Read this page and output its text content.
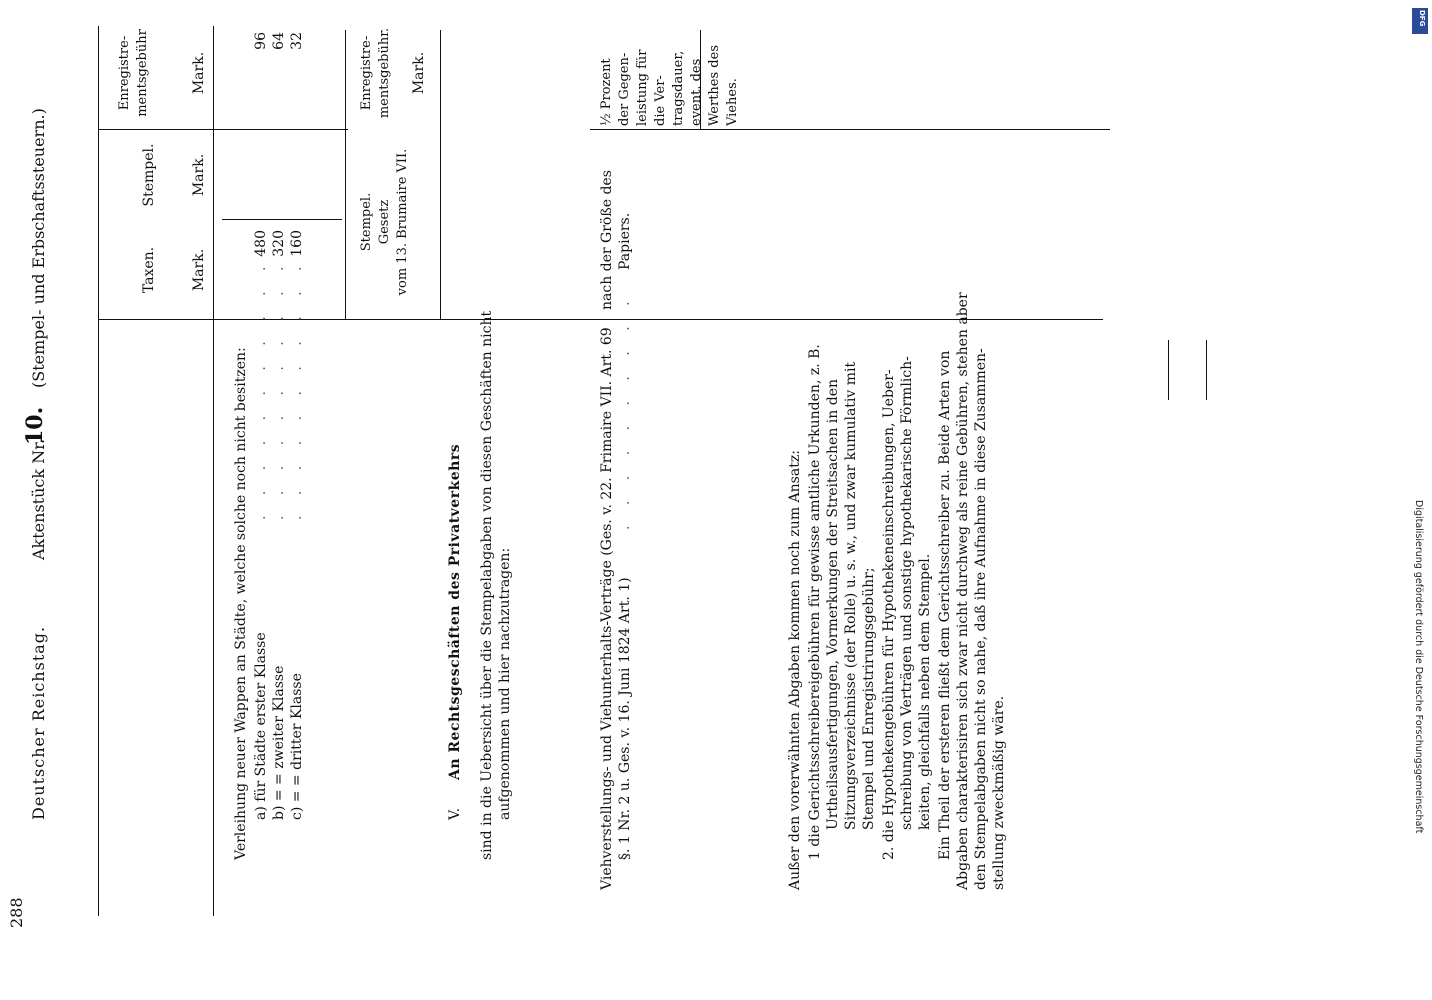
288
Deutscher Reichstag.
Aktenstück Nr.
10.
(Stempel- und Erbschaftssteuern.)	Taxen.
Stempel.
Enregistre- mentsgebühr
Mark.
Mark.
Mark.
Verleihung neuer Wappen an Städte, welche solche noch nicht besitzen: a) für Städte erster Klasse b) = = zweiter Klasse c) = = dritter Klasse
. . . . . . . . . . . . . . . . . . . . . . . . . . . . . . . . .
480 320 160
96 64 32
V.
An Rechtsgeschäften des Privatverkehrs sind in die Uebersicht über die Stempelabgaben von diesen Geschäften nicht aufgenommen und hier nachzutragen:
Stempel. Gesetz vom 13. Brumaire VII.
Enregistre- mentsgebühr. Mark.
Viehverstellungs- und Viehunterhalts-Verträge (Ges. v. 22. Frimaire VII. Art. 69 §. 1 Nr. 2 u. Ges. v. 16. Juni 1824 Art. 1)
. . . . . . . . . .
nach der Größe des Papiers.
½ Prozent der Gegen- leistung für die Ver- tragsdauer, event. des Werthes des Viehes.
Außer den vorerwähnten Abgaben kommen noch zum Ansatz: 1 die Gerichtsschreibereigebühren für gewisse amtliche Urkunden, z. B. Urtheilsausfertigungen, Vormerkungen der Streitsachen in den Sitzungsverzeichnisse (der Rolle) u. s. w., und zwar kumulativ mit Stempel und Enregistrirungsgebühr; 2. die Hypothekengebühren für Hypothekeneinschreibungen, Ueber- schreibung von Verträgen und sonstige hypothekarische Förmlich- keiten, gleichfalls neben dem Stempel. Ein Theil der ersteren fließt dem Gerichtsschreiber zu. Beide Arten von Abgaben charakterisiren sich zwar nicht durchweg als reine Gebühren, stehen aber den Stempelabgaben nicht so nahe, daß ihre Aufnahme in diese Zusammen- stellung zweckmäßig wäre.	Digitalisierung gefördert durch die Deutsche Forschungsgemeinschaft
DFG
